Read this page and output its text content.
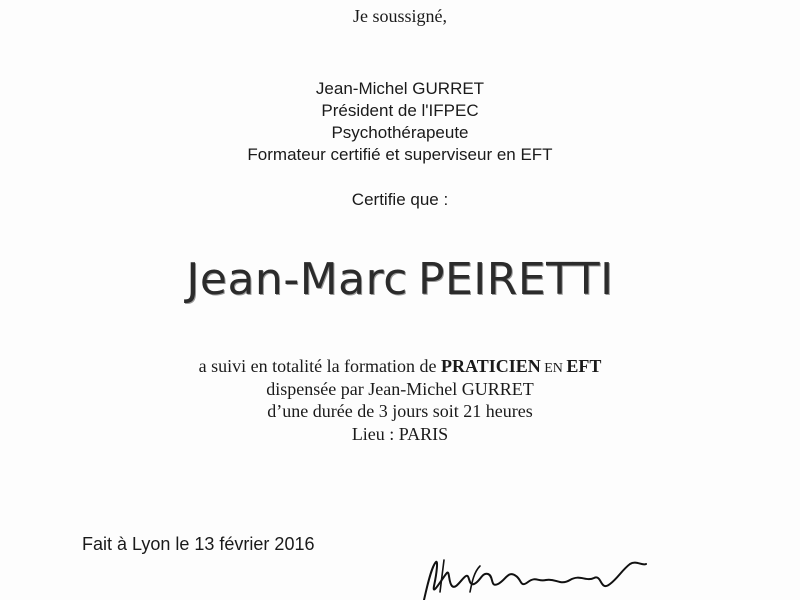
Je soussigné,
Jean-Michel GURRET
Président de l'IFPEC
Psychothérapeute
Formateur certifié et superviseur en EFT
Certifie que :
Jean-Marc PEIRETTI
a suivi en totalité la formation de PRATICIEN EN EFT
dispensée par Jean-Michel GURRET
d’une durée de 3 jours soit 21 heures
Lieu : PARIS
Fait à Lyon le 13 février 2016
